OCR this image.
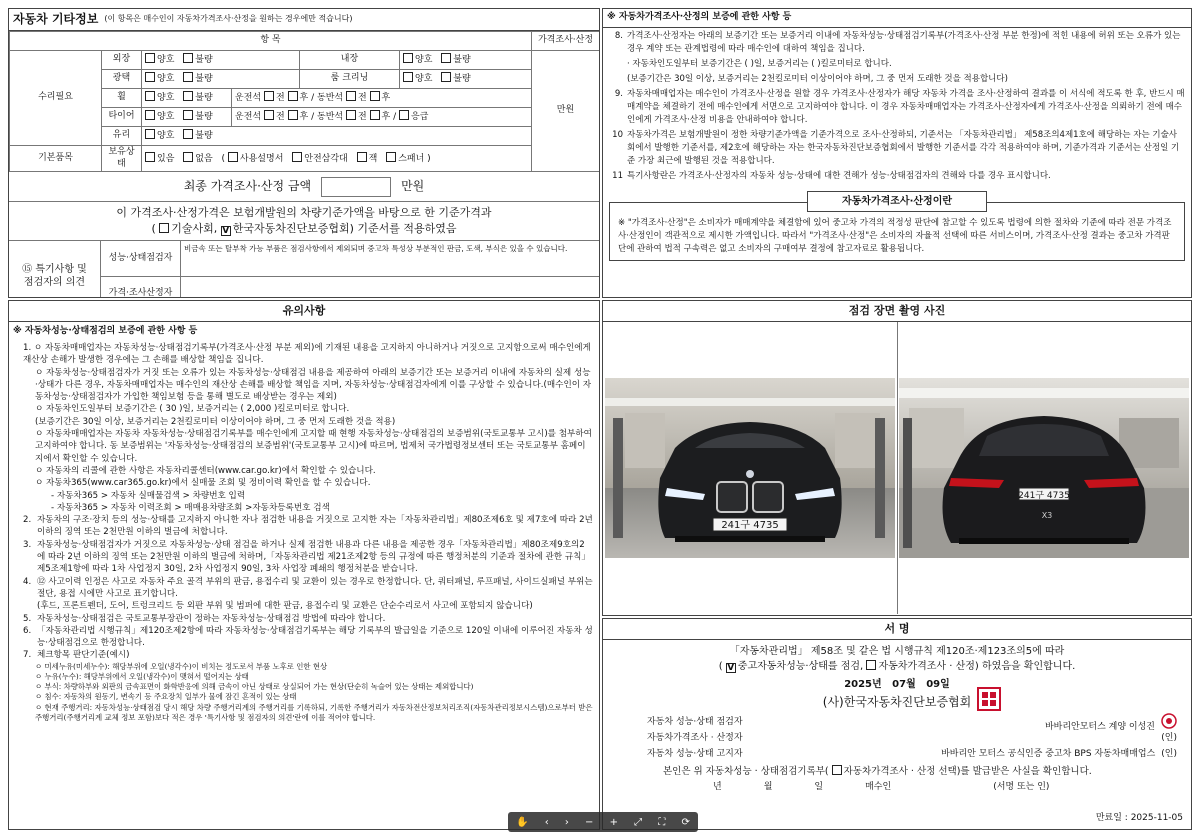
자동차 기타정보 (이 항목은 매수인이 자동차가격조사·산정을 원하는 경우에만 적습니다)
항 목						가격조사·산정
수리필요	외장	양호 불량		내장	양호 불량	만원
	광택	양호 불량		룸 크리닝	양호 불량	
	휠	양호 불량	운전석 전 후 / 동반석 전 후			
	타이어	양호 불량	운전석 전 후 / 동반석 전 후 / 응급			
	유리	양호 불량				
기본품목	보유상태	있음 없음 ( 사용설명서 안전삼각대 잭 스패너 )				
최종 가격조사·산정 금액	만원
이 가격조사·산정가격은 보험개발원의 차량기준가액을 바탕으로 한 기준가격과
( 기술사회, V 한국자동차진단보증협회) 기준서를 적용하였음
⑮ 특기사항 및
점검자의 의견
성능·상태점검자
비금속 또는 탈부착 가능 부품은 점검사항에서 제외되며 중고차 특성상 부분적인 판금, 도색, 부식은 있을 수 있습니다.
가격·조사산정자
※ 자동차가격조사·산정의 보증에 관한 사항 등
8. 가격조사·산정자는 아래의 보증기간 또는 보증거리 이내에 자동차성능·상태점검기록부(가격조사·산정 부분 한정)에 적힌 내용에 허위 또는 오류가 있는 경우 계약 또는 관계법령에 따라 매수인에 대하여 책임을 집니다.
· 자동차인도일부터 보증기간은 ( )일, 보증거리는 ( )킬로미터로 합니다.
(보증기간은 30일 이상, 보증거리는 2천킬로미터 이상이어야 하며, 그 중 먼저 도래한 것을 적용합니다)
9. 자동차매매업자는 매수인이 가격조사·산정을 원할 경우 가격조사·산정자가 해당 자동차 가격을 조사·산정하여 결과를 이 서식에 적도록 한 후, 반드시 매매계약을 체결하기 전에 매수인에게 서면으로 고지하여야 합니다. 이 경우 자동차매매업자는 가격조사·산정자에게 가격조사·산정을 의뢰하기 전에 매수인에게 가격조사·산정 비용을 안내하여야 합니다.
10 자동차가격은 보험개발원이 정한 차량기준가액을 기준가격으로 조사·산정하되, 기준서는 「자동차관리법」 제58조의4제1호에 해당하는 자는 기술사회에서 발행한 기준서를, 제2호에 해당하는 자는 한국자동차진단보증협회에서 발행한 기준서를 각각 적용하여야 하며, 기준가격과 기준서는 산정일 기준 가장 최근에 발행된 것을 적용합니다.
11 특기사항란은 가격조사·산정자의 자동차 성능·상태에 대한 견해가 성능·상태점검자의 견해와 다를 경우 표시합니다.
자동차가격조사·산정이란
※ "가격조사·산정"은 소비자가 매매계약을 체결함에 있어 중고차 가격의 적정성 판단에 참고할 수 있도록 법령에 의한 절차와 기준에 따라 전문 가격조사·산정인이 객관적으로 제시한 가액입니다. 따라서 "가격조사·산정"은 소비자의 자율적 선택에 따른 서비스이며, 가격조사·산정 결과는 중고차 가격판단에 관하여 법적 구속력은 없고 소비자의 구매여부 결정에 참고자료로 활용됩니다.
유의사항
※ 자동차성능·상태점검의 보증에 관한 사항 등
1. ㅇ 자동차매매업자는 자동차성능·상태점검기록부(가격조사·산정 부분 제외)에 기재된 내용을 고지하지 아니하거나 거짓으로 고지함으로써 매수인에게 재산상 손해가 발생한 경우에는 그 손해를 배상할 책임을 집니다.
ㅇ 자동차성능·상태점검자가 거짓 또는 오류가 있는 자동차성능·상태점검 내용을 제공하여 아래의 보증기간 또는 보증거리 이내에 자동차의 실제 성능·상태가 다른 경우, 자동차매매업자는 매수인의 재산상 손해를 배상할 책임을 지며, 자동차성능·상태점검자에게 이를 구상할 수 있습니다.(매수인이 자동차성능·상태점검자가 가입한 책임보험 등을 통해 별도로 배상받는 경우는 제외)
ㅇ 자동차인도일부터 보증기간은 ( 30 )일, 보증거리는 ( 2,000 )킬로미터로 합니다.
(보증기간은 30일 이상, 보증거리는 2천킬로미터 이상이어야 하며, 그 중 먼저 도래한 것을 적용)
ㅇ 자동차매매업자는 자동차 자동차성능·상태점검기록부를 매수인에게 고지할 때 현행 자동차성능·상태점검의 보증범위(국토교통부 고시)를 첨부하여 고지하여야 합니다. 동 보증범위는 '자동차성능·상태점검의 보증범위'(국토교통부 고시)에 따르며, 법제처 국가법령정보센터 또는 국토교통부 홈페이지에서 확인할 수 있습니다.
ㅇ 자동차의 리콜에 관한 사항은 자동차리콜센터(www.car.go.kr)에서 확인할 수 있습니다.
ㅇ 자동차365(www.car365.go.kr)에서 실매물 조회 및 정비이력 확인을 할 수 있습니다.
- 자동차365 > 자동차 실매물검색 > 차량번호 입력
- 자동차365 > 자동차 이력조회 > 매매용차량조회 >자동차등록번호 검색
2. 자동차의 구조·장치 등의 성능·상태를 고지하지 아니한 자나 점검한 내용을 거짓으로 고지한 자는「자동차관리법」제80조제6호 및 제7호에 따라 2년 이하의 징역 또는 2천만원 이하의 벌금에 처합니다.
3. 자동차성능·상태점검자가 거짓으로 자동차성능·상태 점검을 하거나 실제 점검한 내용과 다른 내용을 제공한 경우「자동차관리법」제80조제9호의2에 따라 2년 이하의 징역 또는 2천만원 이하의 벌금에 처하며,「자동차관리법 제21조제2항 등의 규정에 따른 행정처분의 기준과 절차에 관한 규칙」제5조제1항에 따라 1차 사업정지 30일, 2차 사업정지 90일, 3차 사업장 폐쇄의 행정처분을 받습니다.
4. ⑫ 사고이력 인정은 사고로 자동차 주요 골격 부위의 판금, 용접수리 및 교환이 있는 경우로 한정합니다. 단, 쿼터패널, 루프패널, 사이드실패널 부위는 절단, 용접 시에만 사고로 표기합니다.
(후드, 프론트펜더, 도어, 트렁크리드 등 외판 부위 및 범퍼에 대한 판금, 용접수리 및 교환은 단순수리로서 사고에 포함되지 않습니다)
5. 자동차성능·상태점검은 국토교통부장관이 정하는 자동차성능·상태점검 방법에 따라야 합니다.
6. 「자동차관리법 시행규칙」제120조제2항에 따라 자동차성능·상태점검기록부는 해당 기록부의 발급일을 기준으로 120일 이내에 이루어진 자동차 성능·상태점검으로 한정합니다.
7. 체크항목 판단기준(예시)
ㅇ 미세누유(미세누수): 해당부위에 오일(냉각수)이 비치는 정도로서 부품 노후로 인한 현상
ㅇ 누유(누수): 해당부위에서 오일(냉각수)이 맺혀서 떨어지는 상태
ㅇ 부식: 차량하부와 외판의 금속표면이 화학반응에 의해 금속이 아닌 상태로 상실되어 가는 현상(단순히 녹슬어 있는 상태는 제외합니다)
ㅇ 침수: 자동차의 원동기, 변속기 등 주요장치 일부가 물에 잠긴 흔적이 있는 상태
ㅇ 현재 주행거리: 자동차성능·상태점검 당시 해당 차량 주행거리계의 주행거리를 기록하되, 기록한 주행거리가 자동차전산정보처리조직(자동차관리정보시스템)으로부터 받은 주행거리(주행거리계 교체 정보 포함)보다 적은 경우 '특기사항 및 점검자의 의견'란에 이를 적어야 합니다.
점검 장면 촬영 사진
241구 4735
241구 4735
X3
서 명
「자동차관리법」 제58조 및 같은 법 시행규칙 제120조·제123조의5에 따라
( V 중고자동차성능·상태를 점검, 자동차가격조사 · 산정) 하였음을 확인합니다.
2025년 07월 09일
(사)한국자동차진단보증협회
자동차 성능·상태 점검자	바바리안모터스 계양 이성진
자동차가격조사 · 산정자	(인)
자동차 성능·상태 고지자	바바리안 모터스 공식인증 중고차 BPS 자동차매매업스 (인)
본인은 위 자동차성능 · 상태점검기록부( 자동차가격조사 · 산정 선택)를 발급받은 사실을 확인합니다.
년	월	일	매수인	(서명 또는 인)
만료일 : 2025-11-05
✋ ‹ › − + ⤢ ⛶ ⟳
